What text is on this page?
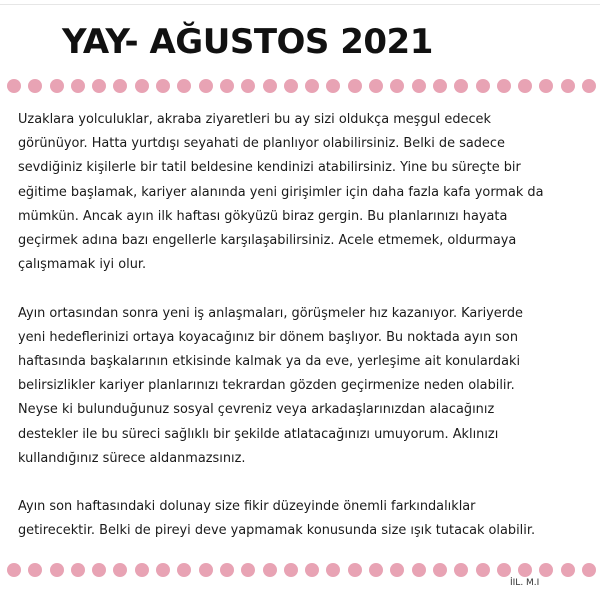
YAY- AĞUSTOS 2021

Uzaklara yolculuklar, akraba ziyaretleri bu ay sizi oldukça meşgul edecek
görünüyor. Hatta yurtdışı seyahati de planlıyor olabilirsiniz. Belki de sadece
sevdiğiniz kişilerle bir tatil beldesine kendinizi atabilirsiniz. Yine bu süreçte bir
eğitime başlamak, kariyer alanında yeni girişimler için daha fazla kafa yormak da
mümkün. Ancak ayın ilk haftası gökyüzü biraz gergin. Bu planlarınızı hayata
geçirmek adına bazı engellerle karşılaşabilirsiniz. Acele etmemek, oldurmaya
çalışmamak iyi olur.

Ayın ortasından sonra yeni iş anlaşmaları, görüşmeler hız kazanıyor. Kariyerde
yeni hedeflerinizi ortaya koyacağınız bir dönem başlıyor. Bu noktada ayın son
haftasında başkalarının etkisinde kalmak ya da eve, yerleşime ait konulardaki
belirsizlikler kariyer planlarınızı tekrardan gözden geçirmenize neden olabilir.
Neyse ki bulunduğunuz sosyal çevreniz veya arkadaşlarınızdan alacağınız
destekler ile bu süreci sağlıklı bir şekilde atlatacağınızı umuyorum. Aklınızı
kullandığınız sürece aldanmazsınız.

Ayın son haftasındaki dolunay size fikir düzeyinde önemli farkındalıklar
getirecektir. Belki de pireyi deve yapmamak konusunda size ışık tutacak olabilir.

İIL. M.I
